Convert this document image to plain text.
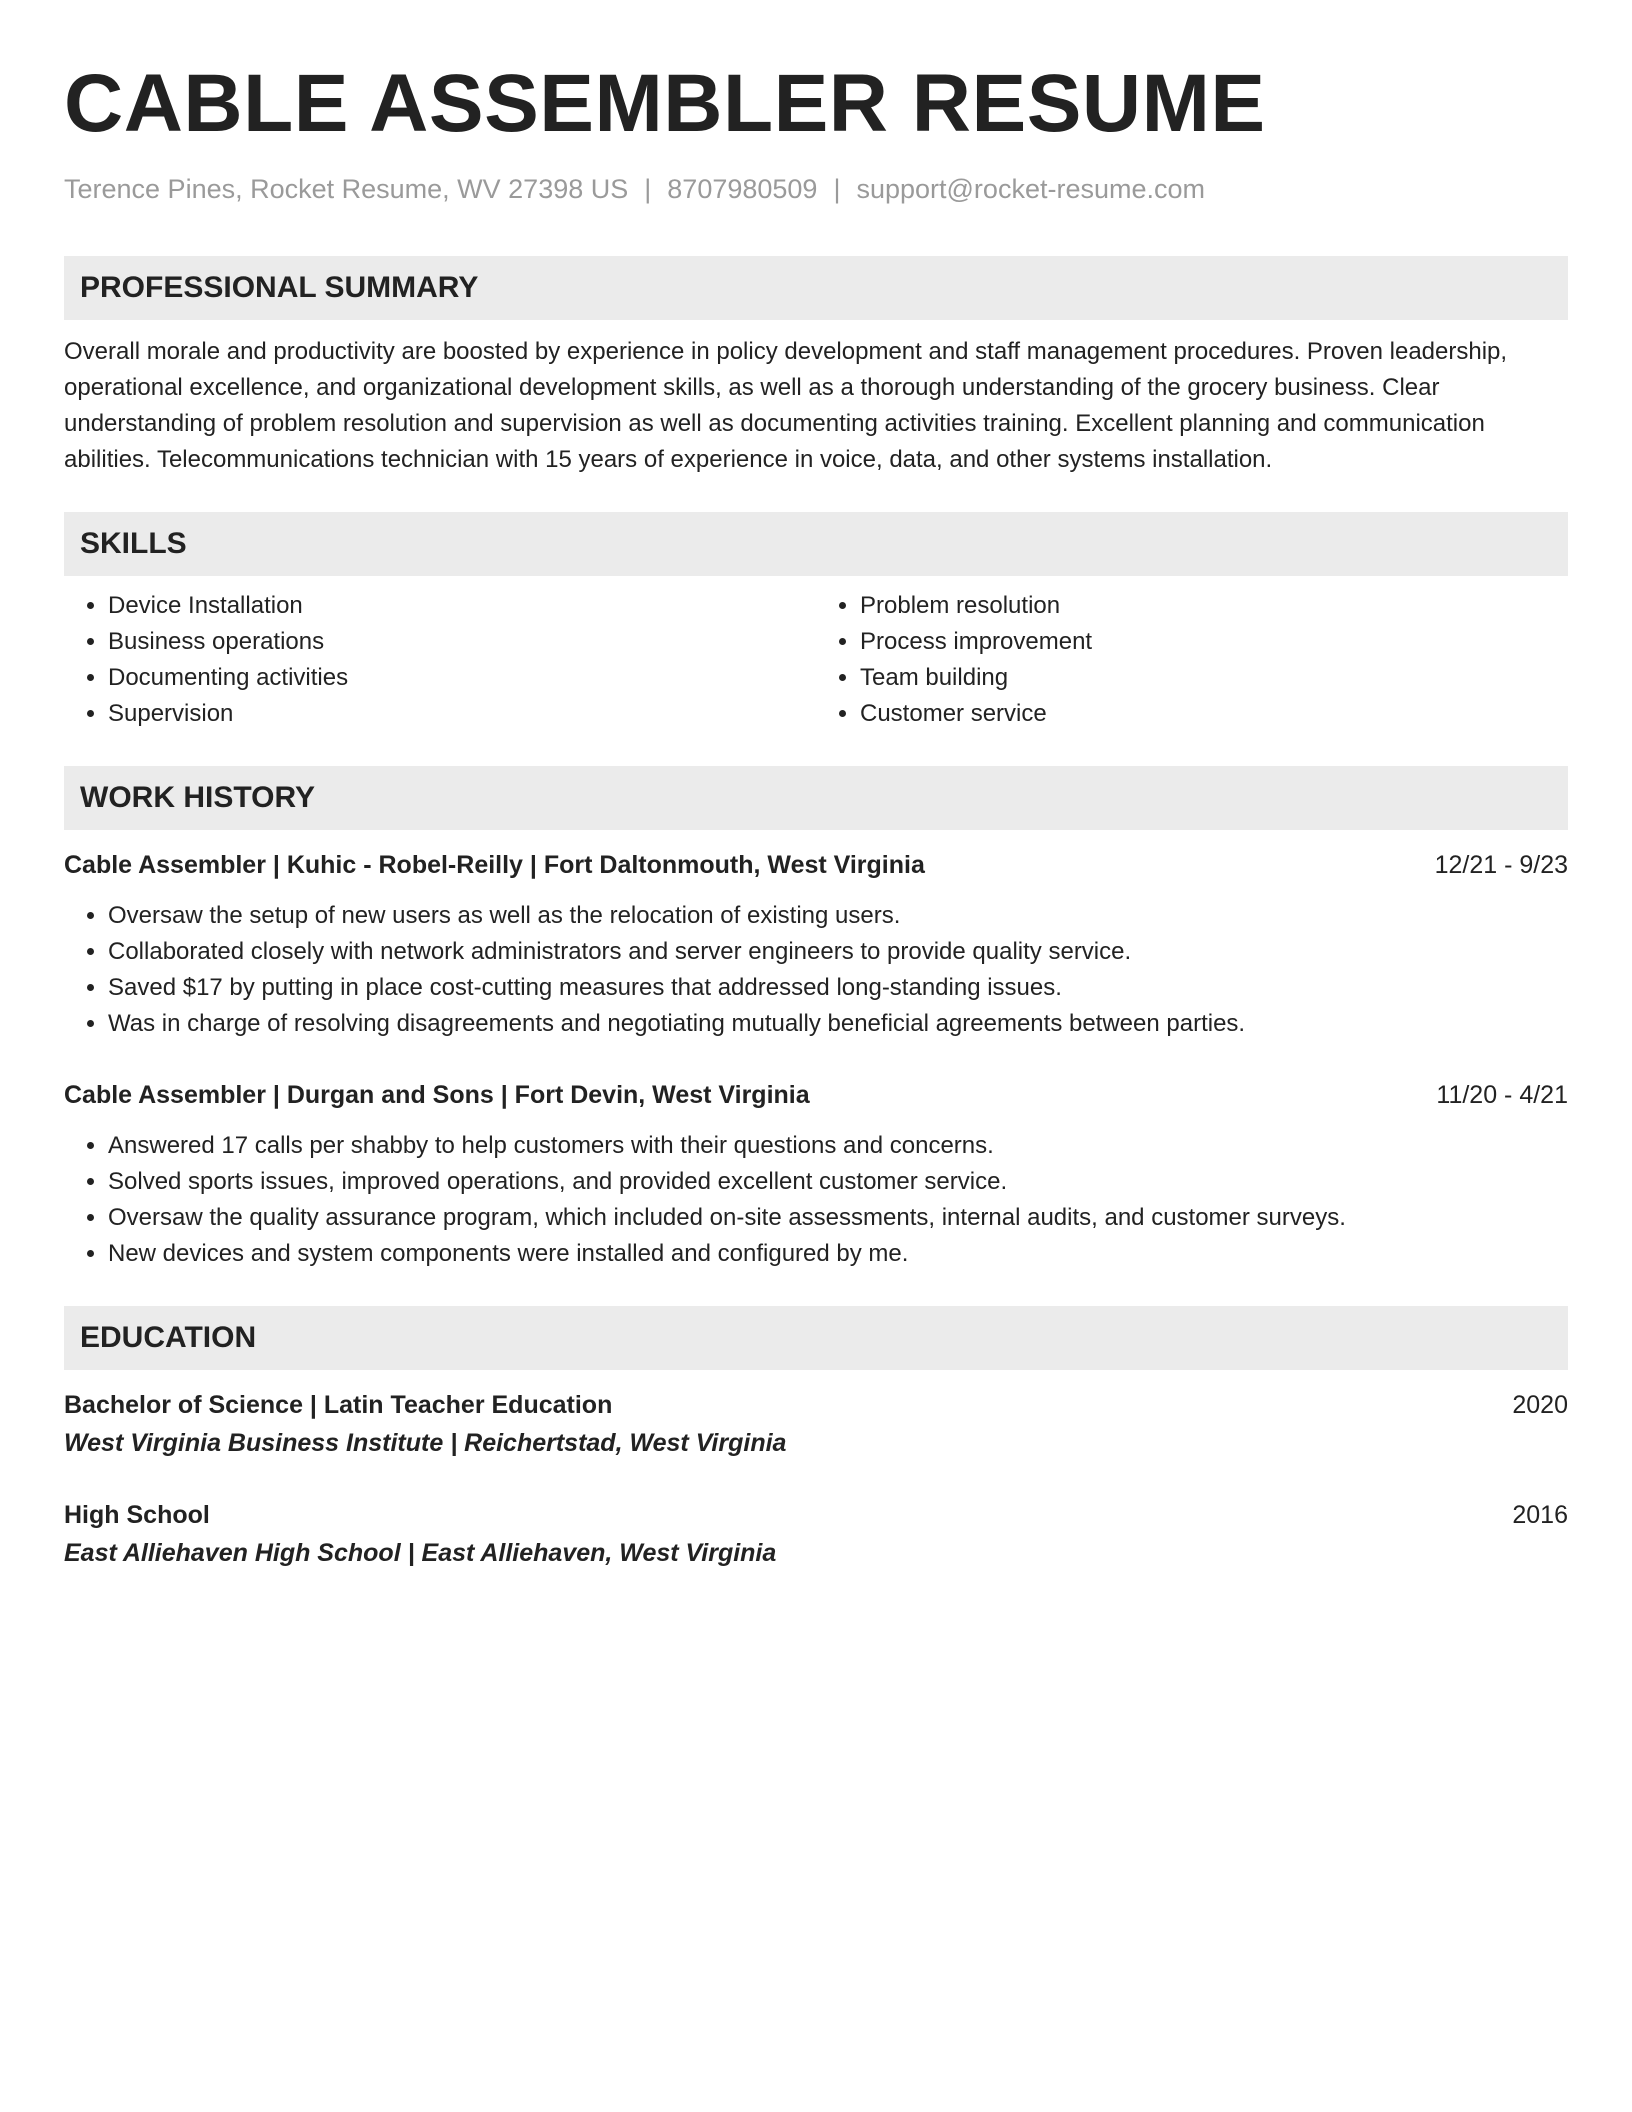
CABLE ASSEMBLER RESUME
Terence Pines, Rocket Resume, WV 27398 US | 8707980509 | support@rocket-resume.com
PROFESSIONAL SUMMARY

Overall morale and productivity are boosted by experience in policy development and staff management procedures. Proven leadership, operational excellence, and organizational development skills, as well as a thorough understanding of the grocery business. Clear understanding of problem resolution and supervision as well as documenting activities training. Excellent planning and communication abilities. Telecommunications technician with 15 years of experience in voice, data, and other systems installation.

SKILLS
• Device Installation
• Business operations
• Documenting activities
• Supervision
• Problem resolution
• Process improvement
• Team building
• Customer service
WORK HISTORY
Cable Assembler | Kuhic - Robel-Reilly | Fort Daltonmouth, West Virginia	12/21 - 9/23
• Oversaw the setup of new users as well as the relocation of existing users.
• Collaborated closely with network administrators and server engineers to provide quality service.
• Saved $17 by putting in place cost-cutting measures that addressed long-standing issues.
• Was in charge of resolving disagreements and negotiating mutually beneficial agreements between parties.
Cable Assembler | Durgan and Sons | Fort Devin, West Virginia	11/20 - 4/21
• Answered 17 calls per shabby to help customers with their questions and concerns.
• Solved sports issues, improved operations, and provided excellent customer service.
• Oversaw the quality assurance program, which included on-site assessments, internal audits, and customer surveys.
• New devices and system components were installed and configured by me.
EDUCATION
Bachelor of Science | Latin Teacher Education	2020
West Virginia Business Institute | Reichertstad, West Virginia
High School	2016
East Alliehaven High School | East Alliehaven, West Virginia
